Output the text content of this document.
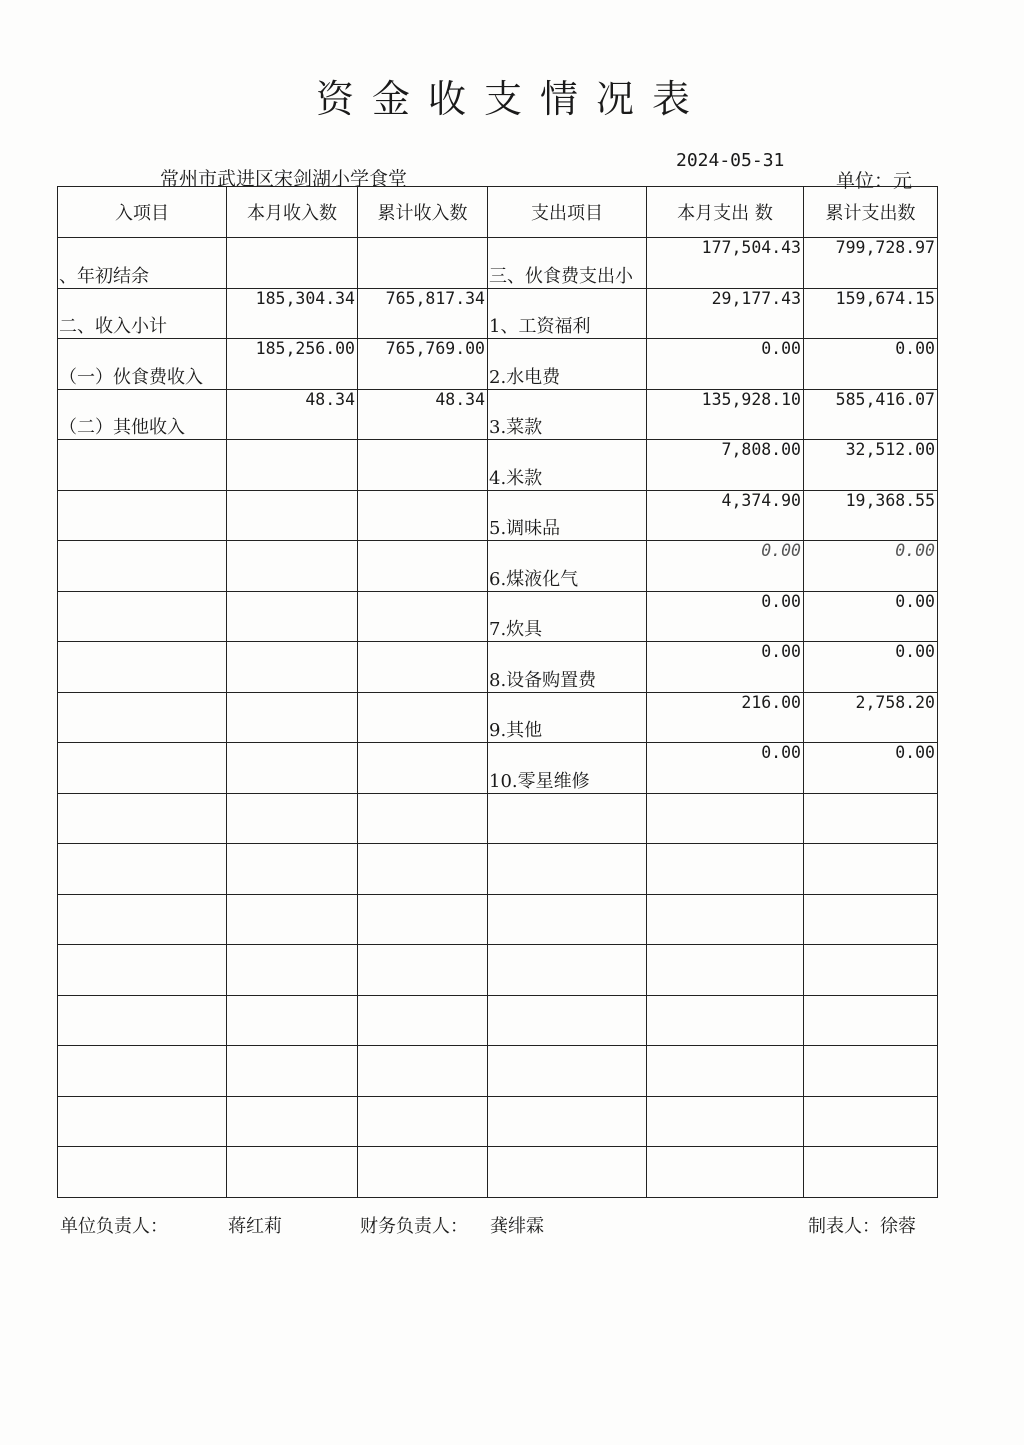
资金收支情况表
常州市武进区宋剑湖小学食堂
2024-05-31
单位：元
入项目	本月收入数	累计收入数	支出项目	本月支出 数	累计支出数

、年初结余			三、伙食费支出小	177,504.43	799,728.97

二、收入小计	185,304.34	765,817.34	1、工资福利	29,177.43	159,674.15

（一）伙食费收入	185,256.00	765,769.00	2.水电费	0.00	0.00

（二）其他收入	48.34	48.34	3.菜款	135,928.10	585,416.07

			4.米款	7,808.00	32,512.00

			5.调味品	4,374.90	19,368.55

			6.煤液化气	0.00	0.00

			7.炊具	0.00	0.00

			8.设备购置费	0.00	0.00

			9.其他	216.00	2,758.20

			10.零星维修	0.00	0.00

单位负责人：	蒋红莉	财务负责人： 龚绯霖	制表人：徐蓉
